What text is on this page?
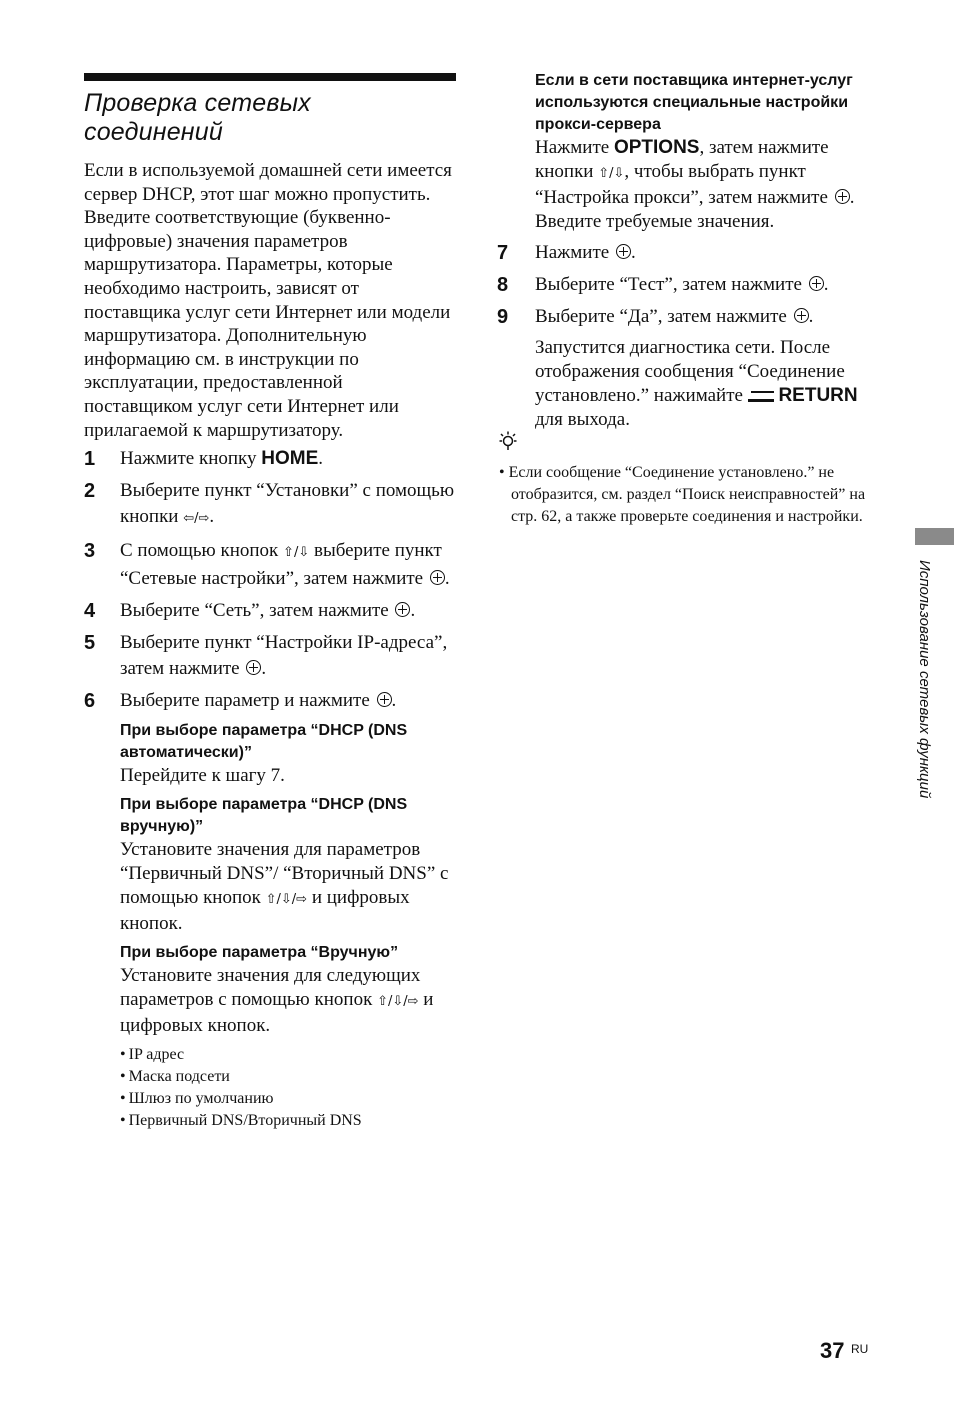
Проверка сетевых соединений
Если в используемой домашней сети имеется сервер DHCP, этот шаг можно пропустить.
Введите соответствующие (буквенно-цифровые) значения параметров маршрутизатора. Параметры, которые необходимо настроить, зависят от поставщика услуг сети Интернет или модели маршрутизатора. Дополнительную информацию см. в инструкции по эксплуатации, предоставленной поставщиком услуг сети Интернет или прилагаемой к маршрутизатору.
1 Нажмите кнопку HOME.
2 Выберите пункт “Установки” с помощью кнопки ⇦/⇨.
3 С помощью кнопок ⇧/⇩ выберите пункт “Сетевые настройки”, затем нажмите .
4 Выберите “Сеть”, затем нажмите .
5 Выберите пункт “Настройки IP-адреса”, затем нажмите .
6 Выберите параметр и нажмите .
При выборе параметра “DHCP (DNS автоматически)”
Перейдите к шагу 7.
При выборе параметра “DHCP (DNS вручную)”
Установите значения для параметров “Первичный DNS”/ “Вторичный DNS” с помощью кнопок ⇧/⇩/⇨ и цифровых кнопок.
При выборе параметра “Вручную”
Установите значения для следующих параметров с помощью кнопок ⇧/⇩/⇨ и цифровых кнопок.
• IP адрес
• Маска подсети
• Шлюз по умолчанию
• Первичный DNS/Вторичный DNS
Если в сети поставщика интернет-услуг используются специальные настройки прокси-сервера
Нажмите OPTIONS, затем нажмите кнопки ⇧/⇩, чтобы выбрать пункт “Настройка прокси”, затем нажмите . Введите требуемые значения.
7 Нажмите .
8 Выберите “Тест”, затем нажмите .
9 Выберите “Да”, затем нажмите .
Запустится диагностика сети. После отображения сообщения “Соединение установлено.” нажимайте  RETURN для выхода.
• Если сообщение “Соединение установлено.” не отобразится, см. раздел “Поиск неисправностей” на стр. 62, а также проверьте соединения и настройки.
Использование сетевых функций
37 RU
